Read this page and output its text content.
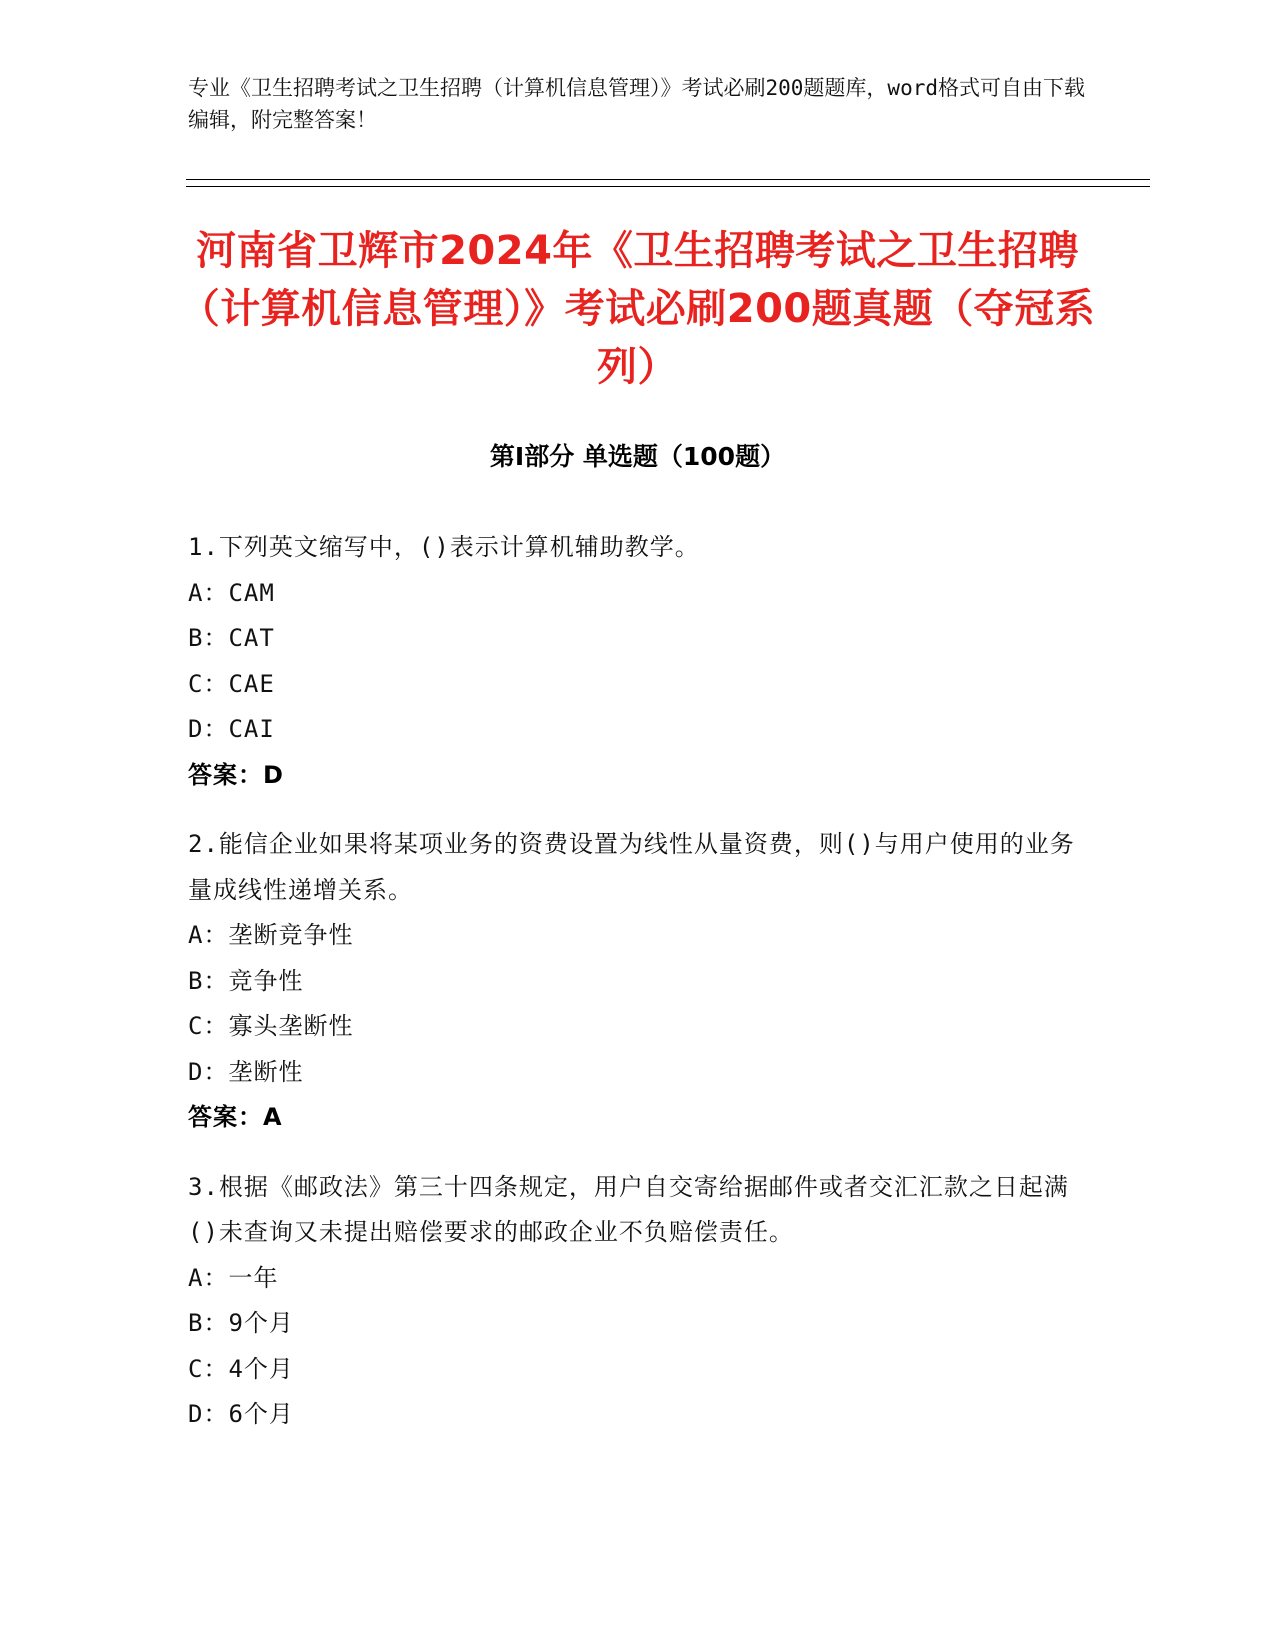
专业《卫生招聘考试之卫生招聘（计算机信息管理）》考试必刷200题题库，word格式可自由下载编辑，附完整答案！
河南省卫辉市2024年《卫生招聘考试之卫生招聘（计算机信息管理）》考试必刷200题真题（夺冠系列）
第Ⅰ部分 单选题（100题）

1.下列英文缩写中，()表示计算机辅助教学。

A：CAM

B：CAT

C：CAE

D：CAI

答案：D

2.能信企业如果将某项业务的资费设置为线性从量资费，则()与用户使用的业务量成线性递增关系。

A：垄断竞争性

B：竞争性

C：寡头垄断性

D：垄断性

答案：A

3.根据《邮政法》第三十四条规定，用户自交寄给据邮件或者交汇汇款之日起满()未查询又未提出赔偿要求的邮政企业不负赔偿责任。

A：一年

B：9个月

C：4个月

D：6个月
